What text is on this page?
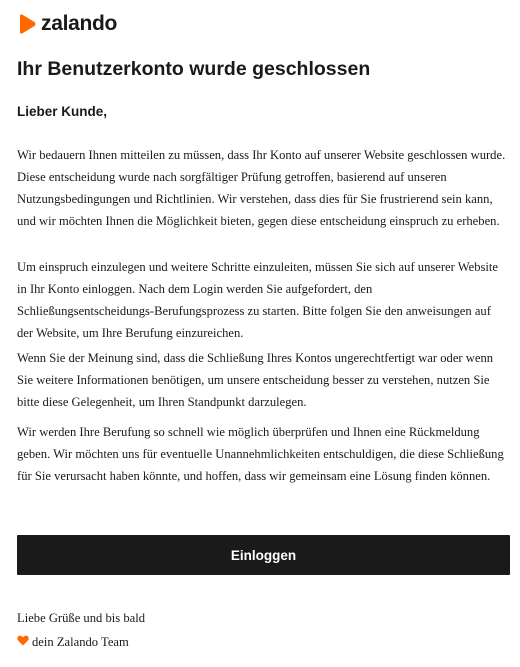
zalando
Ihr Benutzerkonto wurde geschlossen

Lieber Kunde,

Wir bedauern Ihnen mitteilen zu müssen, dass Ihr Konto auf unserer Website geschlossen wurde. Diese entscheidung wurde nach sorgfältiger Prüfung getroffen, basierend auf unseren Nutzungsbedingungen und Richtlinien. Wir verstehen, dass dies für Sie frustrierend sein kann, und wir möchten Ihnen die Möglichkeit bieten, gegen diese entscheidung einspruch zu erheben.

Um einspruch einzulegen und weitere Schritte einzuleiten, müssen Sie sich auf unserer Website in Ihr Konto einloggen. Nach dem Login werden Sie aufgefordert, den Schließungsentscheidungs-Berufungsprozess zu starten. Bitte folgen Sie den anweisungen auf der Website, um Ihre Berufung einzureichen.

Wenn Sie der Meinung sind, dass die Schließung Ihres Kontos ungerechtfertigt war oder wenn Sie weitere Informationen benötigen, um unsere entscheidung besser zu verstehen, nutzen Sie bitte diese Gelegenheit, um Ihren Standpunkt darzulegen.

Wir werden Ihre Berufung so schnell wie möglich überprüfen und Ihnen eine Rückmeldung geben. Wir möchten uns für eventuelle Unannehmlichkeiten entschuldigen, die diese Schließung für Sie verursacht haben könnte, und hoffen, dass wir gemeinsam eine Lösung finden können.

Einloggen

Liebe Grüße und bis bald

dein Zalando Team
